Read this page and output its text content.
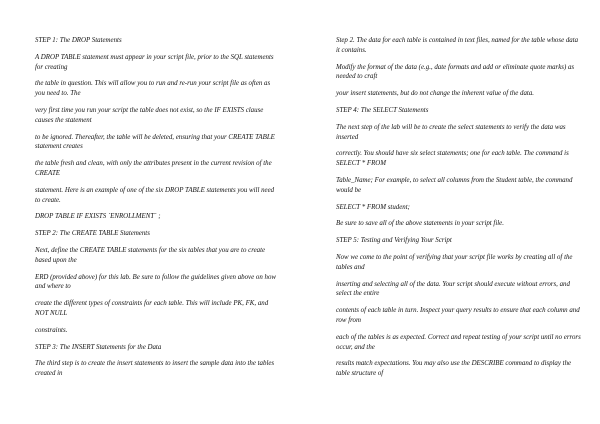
STEP 1: The DROP Statements

A DROP TABLE statement must appear in your script file, prior to the SQL statements for creating

the table in question. This will allow you to run and re-run your script file as often as you need to. The

very first time you run your script the table does not exist, so the IF EXISTS clause causes the statement

to be ignored. Thereafter, the table will be deleted, ensuring that your CREATE TABLE statement creates

the table fresh and clean, with only the attributes present in the current revision of the CREATE

statement. Here is an example of one of the six DROP TABLE statements you will need to create.

DROP TABLE IF EXISTS `ENROLLMENT` ;

STEP 2: The CREATE TABLE Statements

Next, define the CREATE TABLE statements for the six tables that you are to create based upon the

ERD (provided above) for this lab. Be sure to follow the guidelines given above on how and where to

create the different types of constraints for each table. This will include PK, FK, and NOT NULL

constraints.

STEP 3: The INSERT Statements for the Data

The third step is to create the insert statements to insert the sample data into the tables created in

Step 2. The data for each table is contained in text files, named for the table whose data it contains.

Modify the format of the data (e.g., date formats and add or eliminate quote marks) as needed to craft

your insert statements, but do not change the inherent value of the data.

STEP 4: The SELECT Statements

The next step of the lab will be to create the select statements to verify the data was inserted

correctly. You should have six select statements; one for each table. The command is SELECT * FROM

Table_Name; For example, to select all columns from the Student table, the command would be

SELECT * FROM student;

Be sure to save all of the above statements in your script file.

STEP 5: Testing and Verifying Your Script

Now we come to the point of verifying that your script file works by creating all of the tables and

inserting and selecting all of the data. Your script should execute without errors, and select the entire

contents of each table in turn. Inspect your query results to ensure that each column and row from

each of the tables is as expected. Correct and repeat testing of your script until no errors occur, and the

results match expectations. You may also use the DESCRIBE command to display the table structure of
